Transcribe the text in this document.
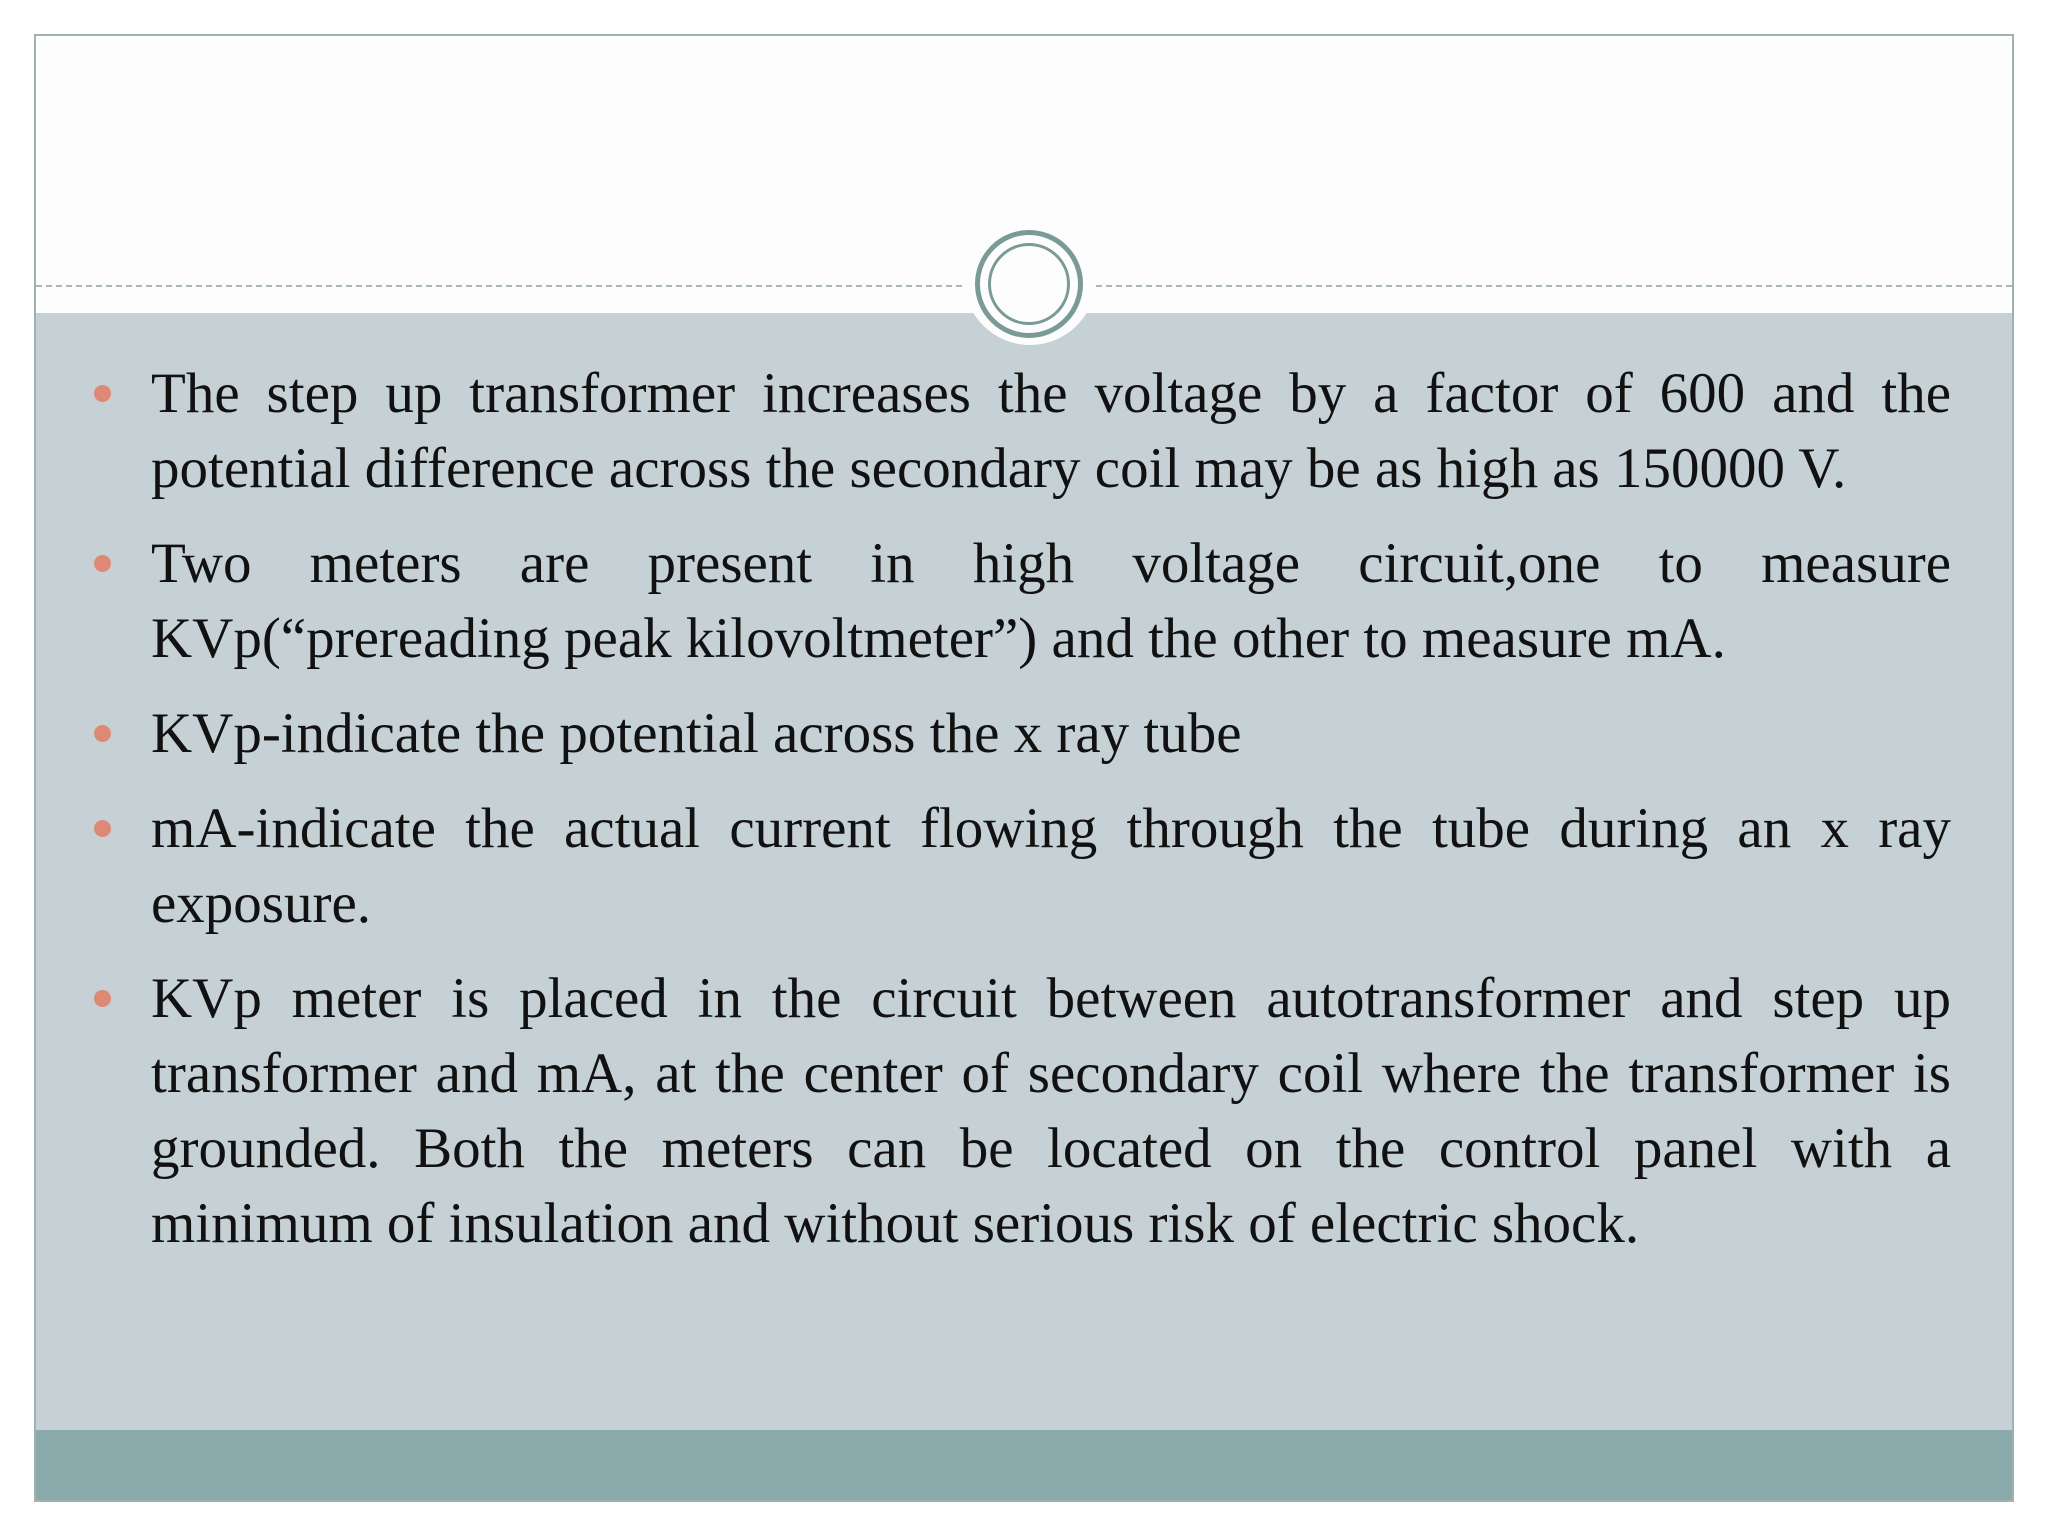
The step up transformer increases the voltage by a factor of 600 and the potential difference across the secondary coil may be as high as 150000 V.
Two meters are present in high voltage circuit,one to measure KVp(“prereading peak kilovoltmeter”) and the other to measure mA.
KVp-indicate the potential across the x ray tube
mA-indicate the actual current flowing through the tube during an x ray exposure.
KVp meter is placed in the circuit between autotransformer and step up transformer and mA, at the center of secondary coil where the transformer is grounded. Both the meters can be located on the control panel with a minimum of insulation and without serious risk of electric shock.
